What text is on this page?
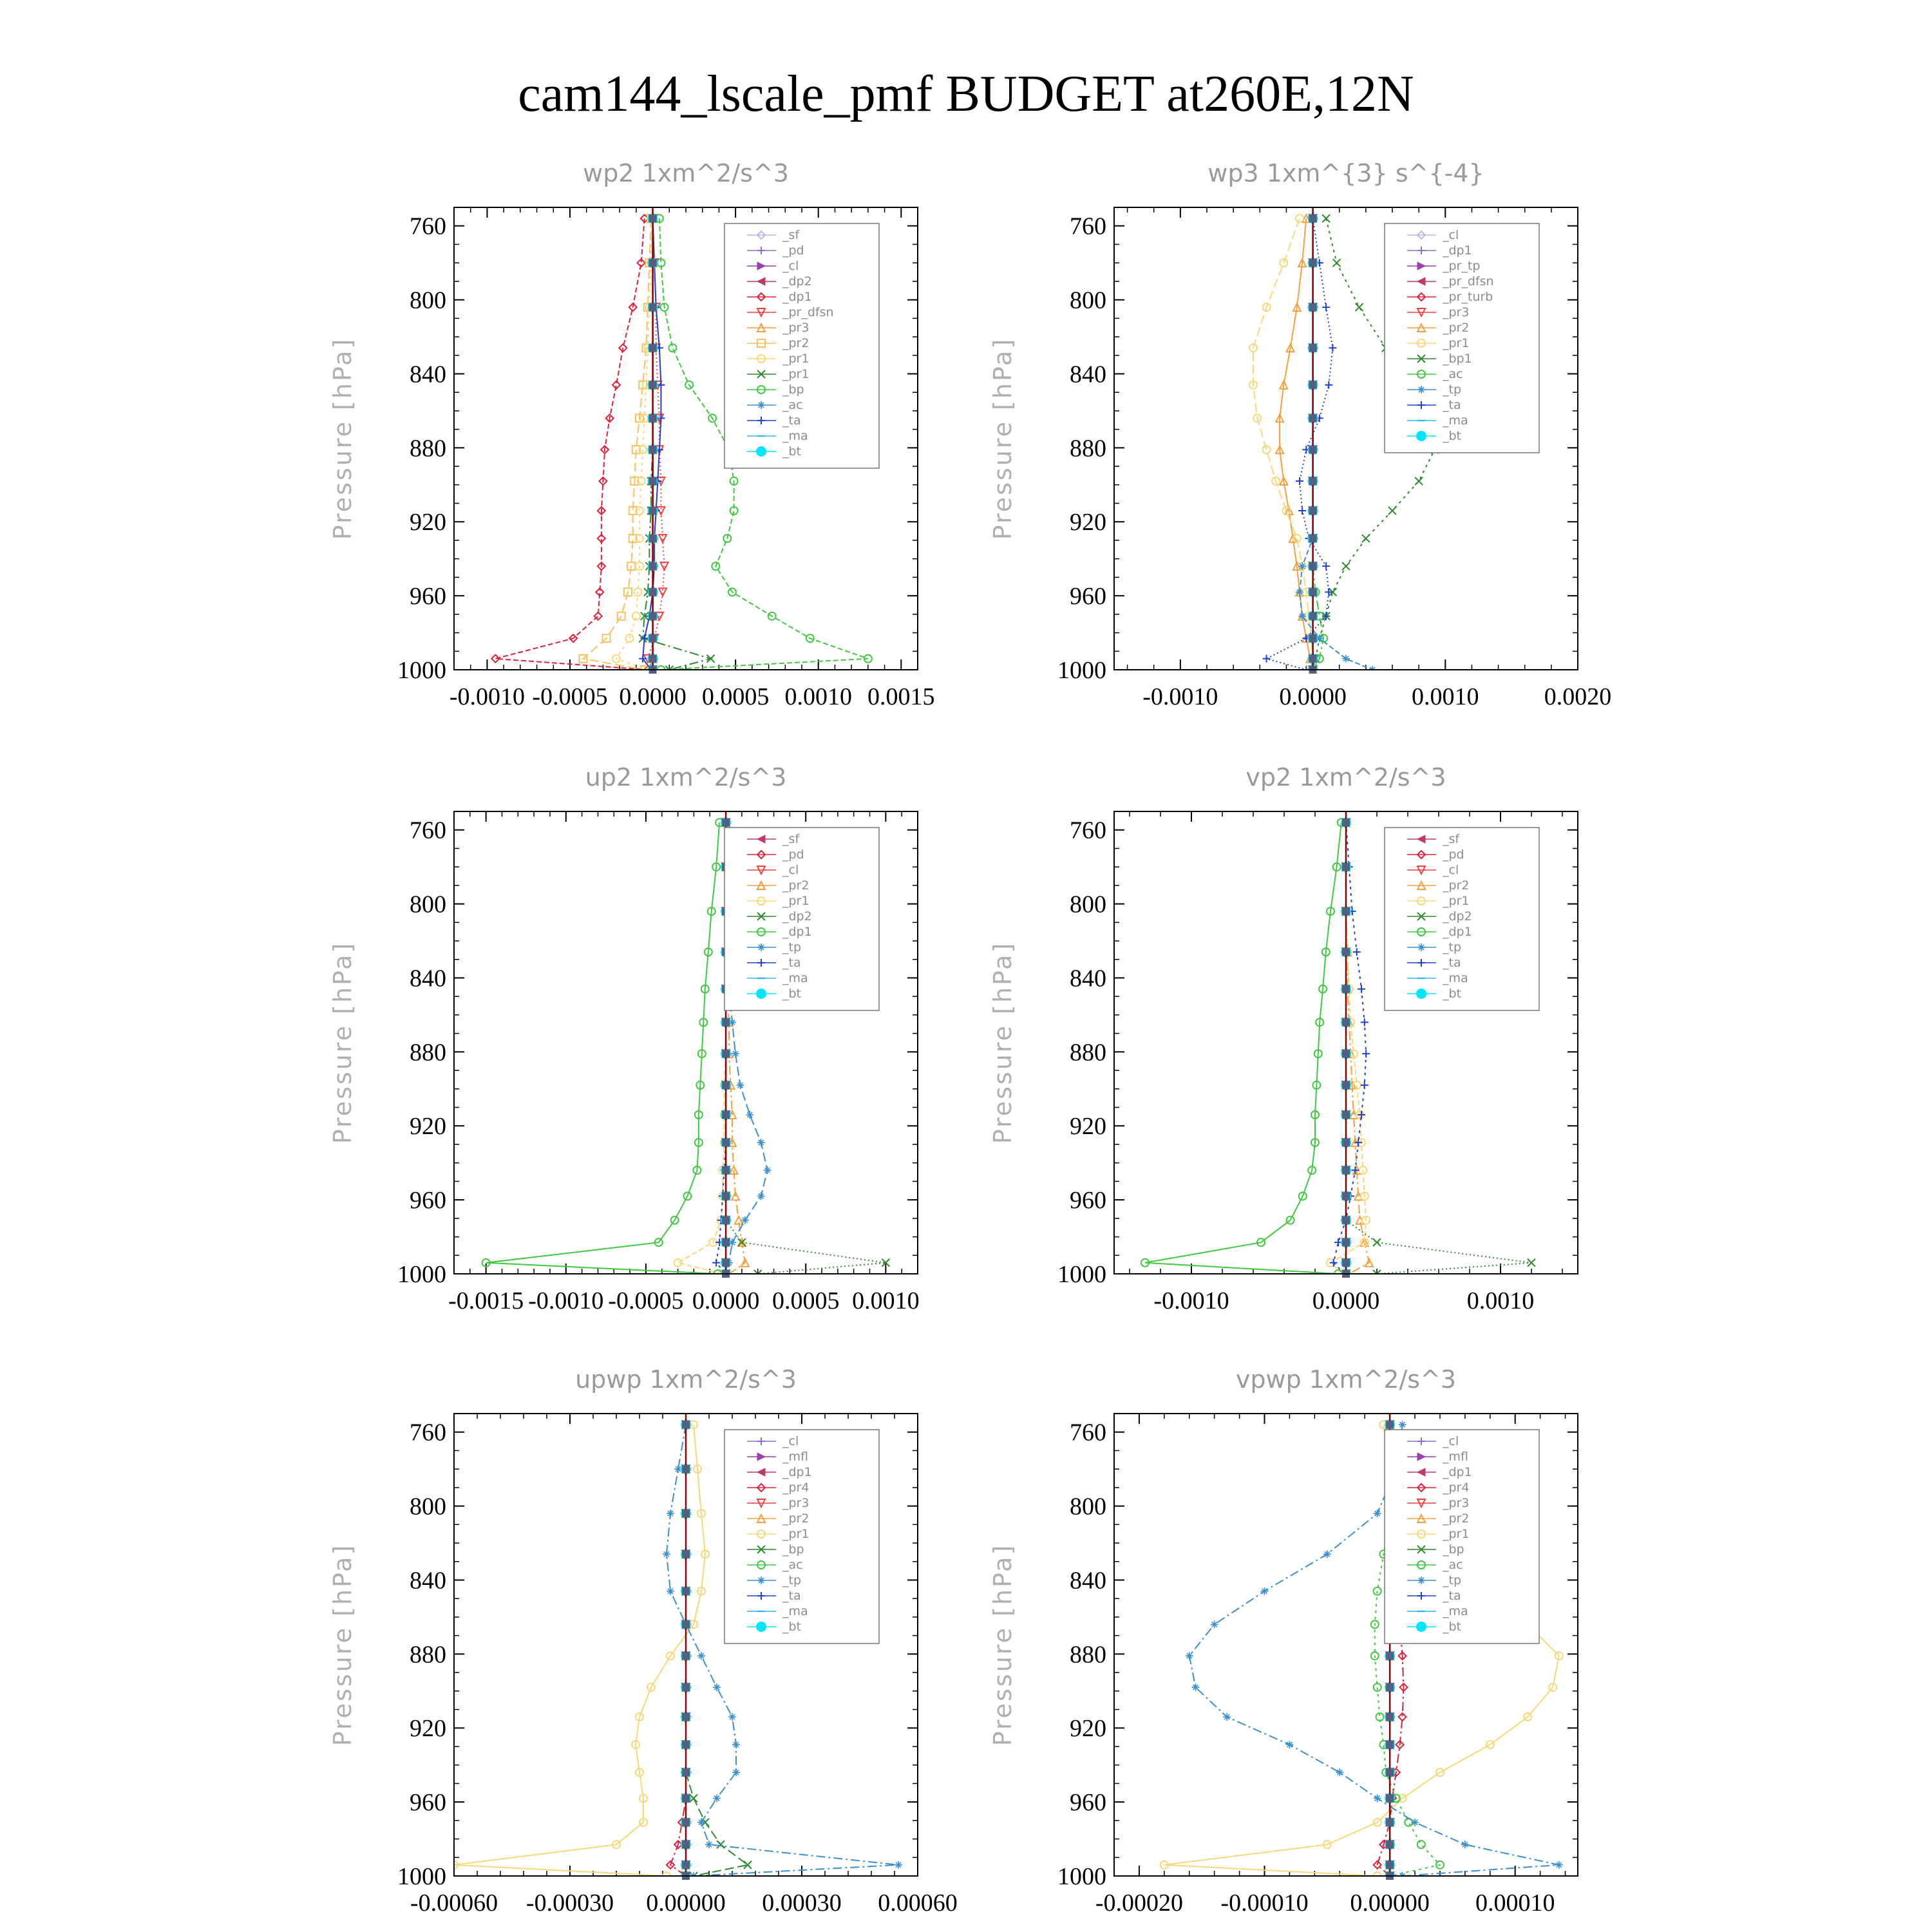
cam144_lscale_pmf BUDGET at260E,12N
wp2 1xm^2/s^3
Pressure [hPa]
760
800
840
880
920
960
1000
-0.0010 -0.0005 0.0000 0.0005 0.0010 0.0015
_sf
_pd
_cl
_dp2
_dp1
_pr_dfsn
_pr3
_pr2
_pr1
_pr1
_bp
_ac
_ta
_ma
_bt
wp3 1xm^{3} s^{-4}
Pressure [hPa]
760
800
840
880
920
960
1000
-0.0010 0.0000	0.0010	0.0020
_cl
_dp1
_pr_tp
_pr_dfsn
_pr_turb
_pr3
_pr2
_pr1
_bp1
_ac
_tp
_ta
_ma
_bt
up2 1xm^2/s^3
Pressure [hPa]
760
800
840
880
920
960
1000
-0.0015 -0.0010 -0.0005 0.0000 0.0005 0.0010
_sf
_pd
_cl
_pr2
_pr1
_dp2
_dp1
_tp
_ta
_ma
_bt
vp2 1xm^2/s^3
Pressure [hPa]
760
800
840
880
920
960
1000
-0.0010	0.0000	0.0010
_sf
_pd
_cl
_pr2
_pr1
_dp2
_dp1
_tp
_ta
_ma
_bt
upwp 1xm^2/s^3
Pressure [hPa]
760
800
840
880
920
960
1000
-0.00060 -0.00030 0.00000 0.00030 0.00060
_cl
_mfl
_dp1
_pr4
_pr3
_pr2
_pr1
_bp
_ac
_tp
_ta
_ma
_bt
vpwp 1xm^2/s^3
Pressure [hPa]
760
800
840
880
920
960
1000
-0.00020 -0.00010 0.00000 0.00010
_cl
_mfl
_dp1
_pr4
_pr3
_pr2
_pr1
_bp
_ac
_tp
_ta
_ma
_bt
